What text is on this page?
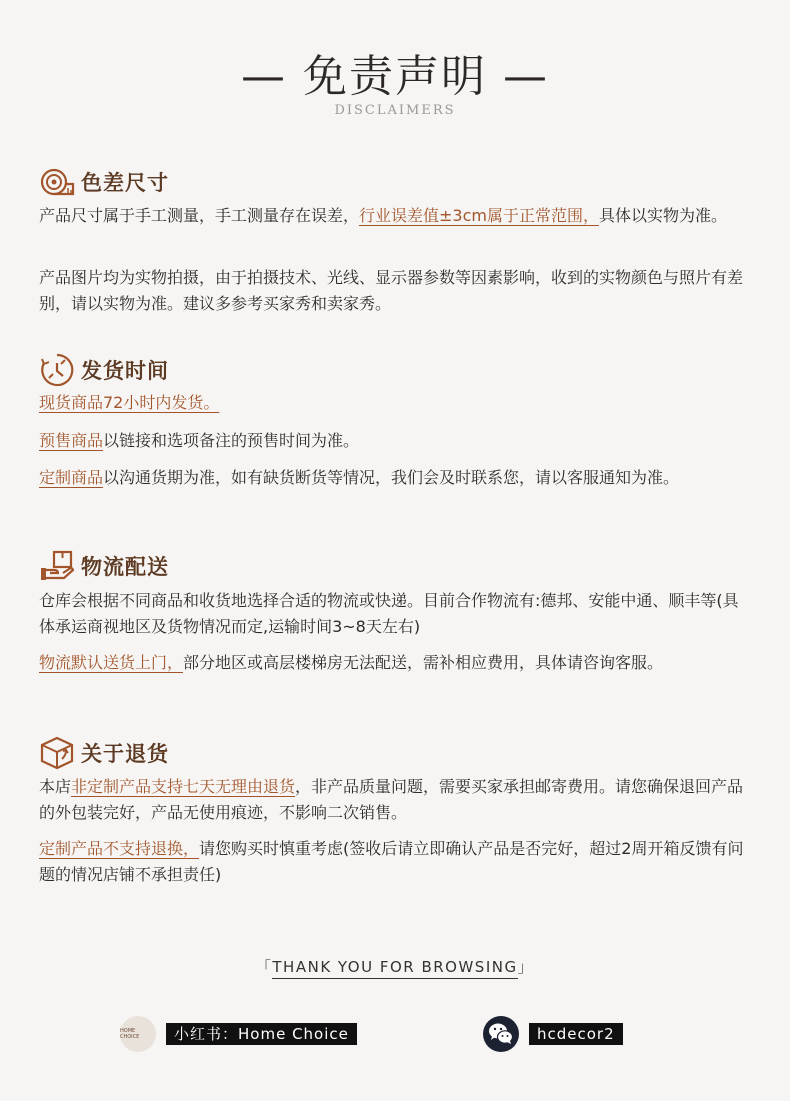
— 免责声明 —
DISCLAIMERS
色差尺寸
产品尺寸属于手工测量，手工测量存在误差，行业误差值±3cm属于正常范围，具体以实物为准。
产品图片均为实物拍摄，由于拍摄技术、光线、显示器参数等因素影响，收到的实物颜色与照片有差别，请以实物为准。建议多参考买家秀和卖家秀。
发货时间
现货商品72小时内发货。
预售商品以链接和选项备注的预售时间为准。
定制商品以沟通货期为准，如有缺货断货等情况，我们会及时联系您，请以客服通知为准。
物流配送
仓库会根据不同商品和收货地选择合适的物流或快递。目前合作物流有:德邦、安能中通、顺丰等(具体承运商视地区及货物情况而定,运输时间3~8天左右)
物流默认送货上门，部分地区或高层楼梯房无法配送，需补相应费用，具体请咨询客服。
关于退货
本店非定制产品支持七天无理由退货，非产品质量问题，需要买家承担邮寄费用。请您确保退回产品的外包装完好，产品无使用痕迹，不影响二次销售。
定制产品不支持退换，请您购买时慎重考虑(签收后请立即确认产品是否完好，超过2周开箱反馈有问题的情况店铺不承担责任)
「THANK YOU FOR BROWSING」
HOME CHOICE	小红书：Home Choice	hcdecor2
